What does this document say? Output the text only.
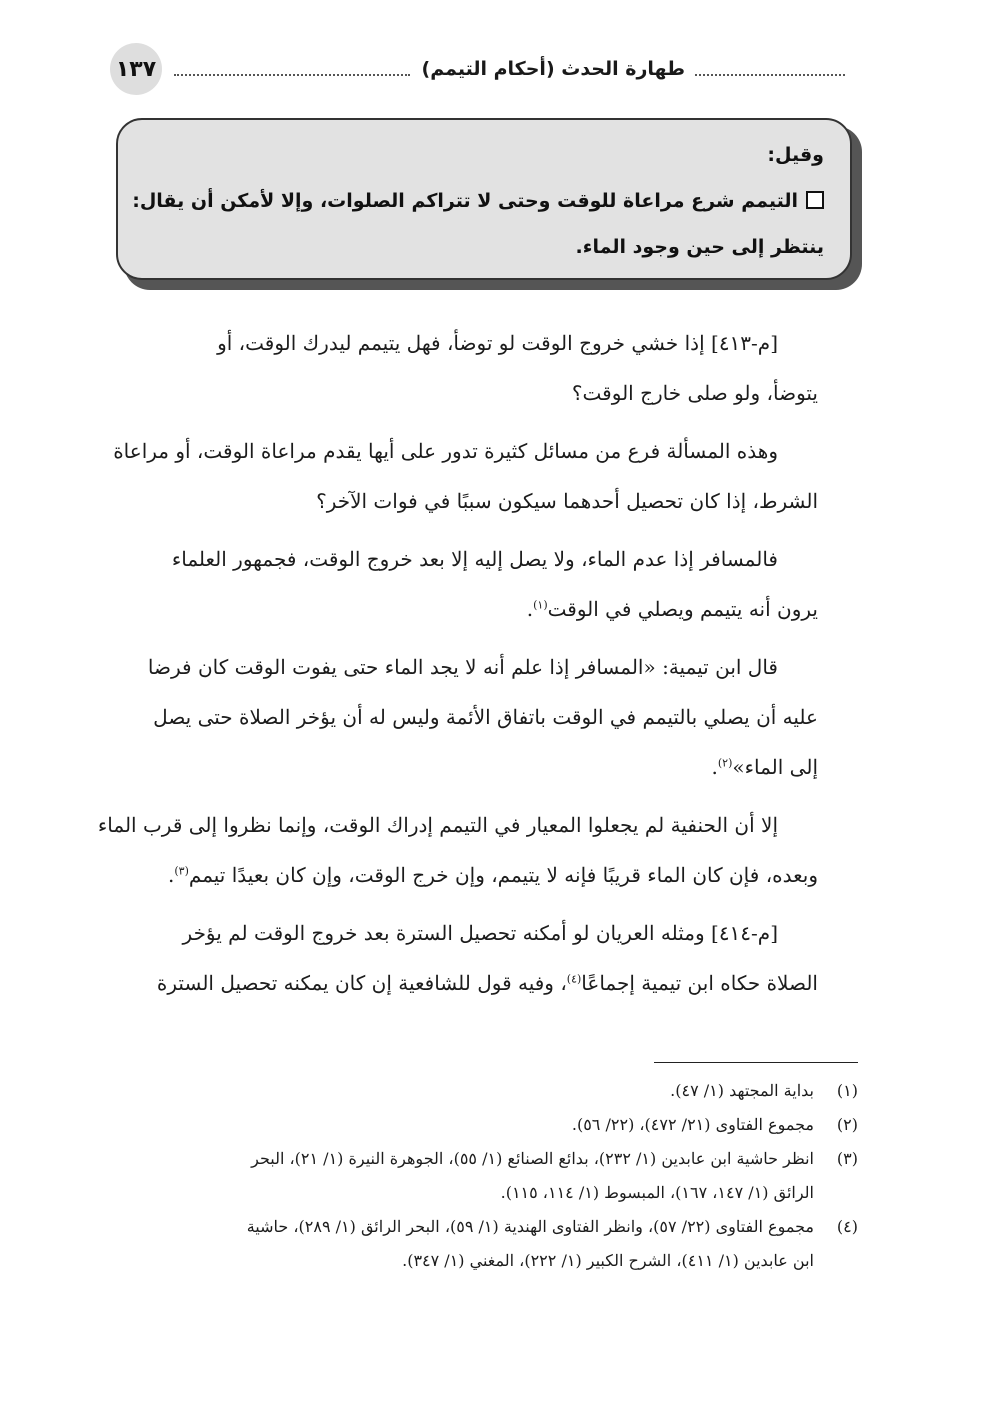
طهارة الحدث (أحكام التيمم)
١٣٧
وقيل:
التيمم شرع مراعاة للوقت وحتى لا تتراكم الصلوات، وإلا لأمكن أن يقال:
ينتظر إلى حين وجود الماء.

[م-٤١٣] إذا خشي خروج الوقت لو توضأ، فهل يتيمم ليدرك الوقت، أو
يتوضأ، ولو صلى خارج الوقت؟

وهذه المسألة فرع من مسائل كثيرة تدور على أيها يقدم مراعاة الوقت، أو مراعاة
الشرط، إذا كان تحصيل أحدهما سيكون سببًا في فوات الآخر؟

فالمسافر إذا عدم الماء، ولا يصل إليه إلا بعد خروج الوقت، فجمهور العلماء
يرون أنه يتيمم ويصلي في الوقت$^{(١)}$.

قال ابن تيمية: «المسافر إذا علم أنه لا يجد الماء حتى يفوت الوقت كان فرضا
عليه أن يصلي بالتيمم في الوقت باتفاق الأئمة وليس له أن يؤخر الصلاة حتى يصل
إلى الماء»$^{(٢)}$.

إلا أن الحنفية لم يجعلوا المعيار في التيمم إدراك الوقت، وإنما نظروا إلى قرب الماء
وبعده، فإن كان الماء قريبًا فإنه لا يتيمم، وإن خرج الوقت، وإن كان بعيدًا تيمم$^{(٣)}$.

[م-٤١٤] ومثله العريان لو أمكنه تحصيل السترة بعد خروج الوقت لم يؤخر
الصلاة حكاه ابن تيمية إجماعًا$^{(٤)}$، وفيه قول للشافعية إن كان يمكنه تحصيل السترة

(١)
بداية المجتهد (١/ ٤٧).
(٢)
مجموع الفتاوى (٢١/ ٤٧٢)، (٢٢/ ٥٦).
(٣)
انظر حاشية ابن عابدين (١/ ٢٣٢)، بدائع الصنائع (١/ ٥٥)، الجوهرة النيرة (١/ ٢١)، البحر
الرائق (١/ ١٤٧، ١٦٧)، المبسوط (١/ ١١٤، ١١٥).
(٤)
مجموع الفتاوى (٢٢/ ٥٧)، وانظر الفتاوى الهندية (١/ ٥٩)، البحر الرائق (١/ ٢٨٩)، حاشية
ابن عابدين (١/ ٤١١)، الشرح الكبير (١/ ٢٢٢)، المغني (١/ ٣٤٧).
